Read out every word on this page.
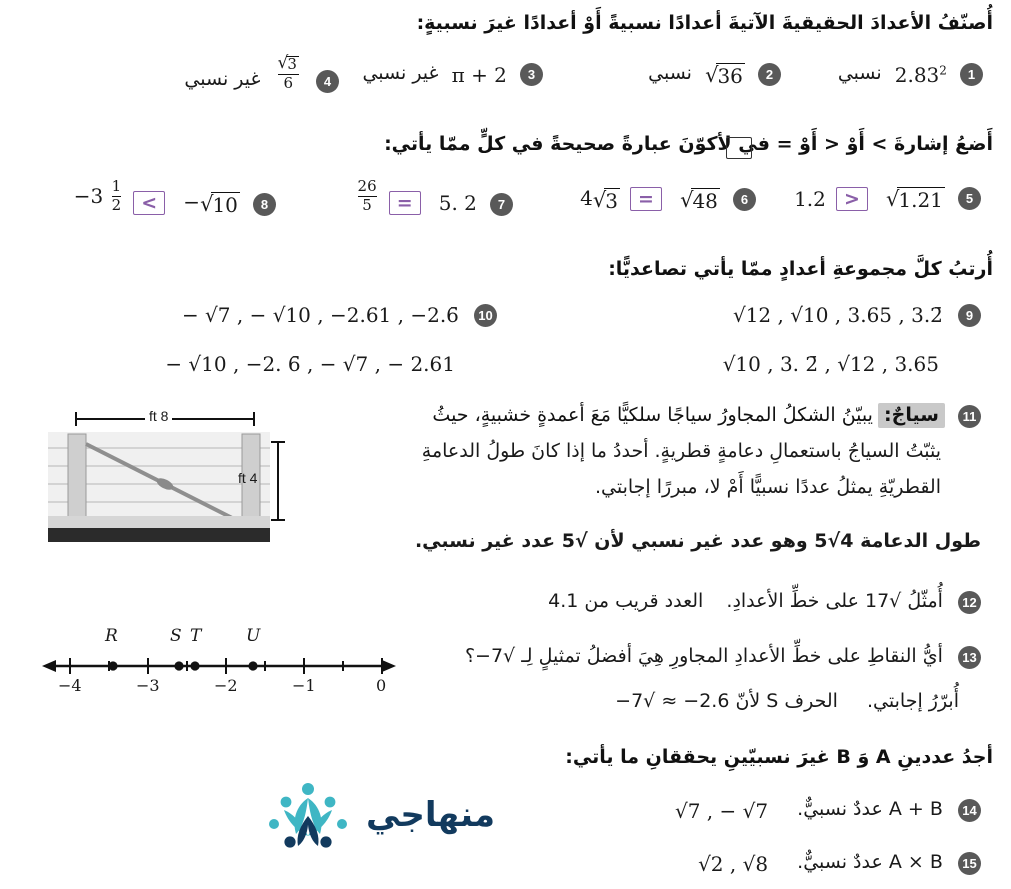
أُصنّفُ الأعدادَ الحقيقيةَ الآتيةَ أعدادًا نسبيةً أَوْ أعدادًا غيرَ نسبيةٍ:
1 2.83$^2$ نسبي
2 √36 نسبي
3 π + 2 غير نسبي
4
$\frac{√3}{6}$
غير نسبي
أَضعُ إشارةَ > أَوْ < أَوْ = في لأكوّنَ عبارةً صحيحةً في كلٍّ ممّا يأتي:
5 √1.21 < 1.2
6 √48 = 4√3
7 5. 2 =
$\frac{26}{5}$
$8 -√10 > -3 \frac{1}{2}$
أُرتبُ كلَّ مجموعةِ أعدادٍ ممّا يأتي تصاعديًّا:
9 √12 , √10 , 3.65 , 3.2̄
√10 , 3. 2̄ , √12 , 3.65
10 − √7 , − √10 , −2.61 , −2.6̄
− √10 , −2. 6̄ , − √7 , − 2.61
11 سياجٌ: يبيّنُ الشكلُ المجاورُ سياجًا سلكيًّا مَعَ أعمدةٍ خشبيةٍ، حيثُ
يثبّتُ السياجُ باستعمالِ دعامةٍ قطريةٍ. أحددُ ما إذا كانَ طولُ الدعامةِ
القطريّةِ يمثلُ عددًا نسبيًّا أَمْ لا، مبررًا إجابتي.
طول الدعامة 4√5 وهو عدد غير نسبي لأن √5 عدد غير نسبي.
8 ft
4 ft
12 أُمثّلُ √17 على خطِّ الأعدادِ. العدد قريب من 4.1
13 أيُّ النقاطِ على خطِّ الأعدادِ المجاورِ هِيَ أفضلُ تمثيلٍ لِـ √7−؟
أُبرّرُ إجابتي. الحرف S لأنّ 2.6− ≈ √7−
R	S T	U
−4	−3	−2	−1	0
أجدُ عددينِ A وَ B غيرَ نسبيّينِ يحققانِ ما يأتي:
14 A + B عددٌ نسبيٌّ. √7 , − √7
15 A × B عددٌ نسبيٌّ. √2 , √8
منهاجي
